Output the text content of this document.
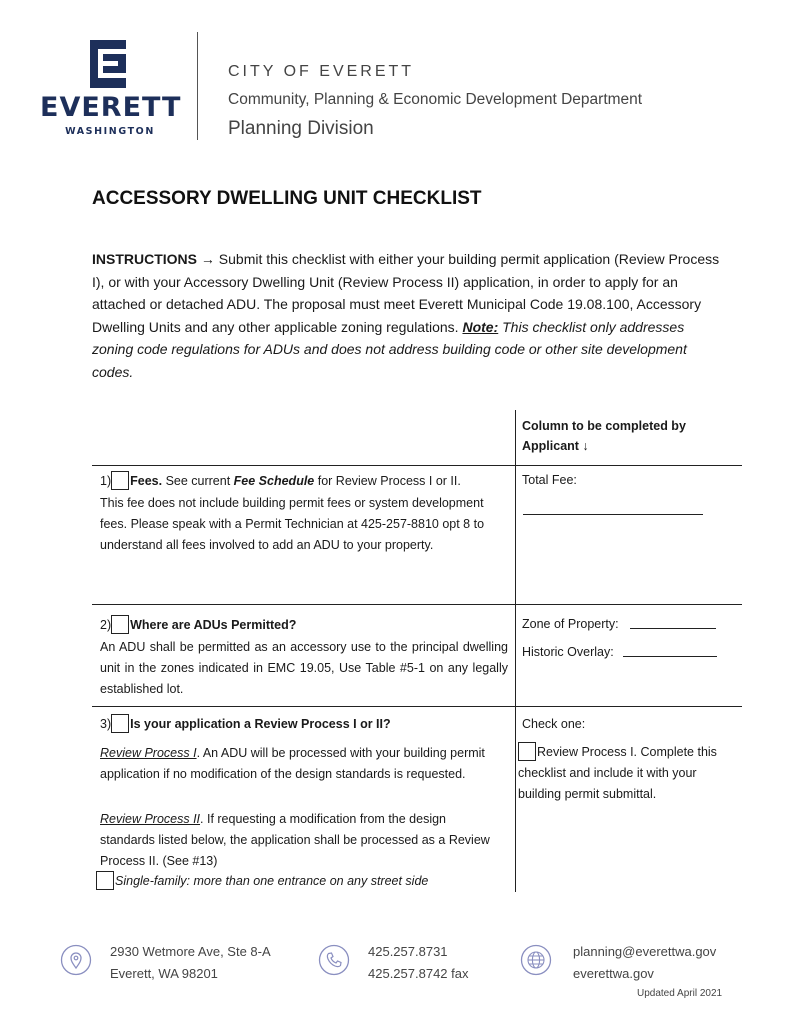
EVERETT
WASHINGTON
CITY OF EVERETT
Community, Planning & Economic Development Department
Planning Division
ACCESSORY DWELLING UNIT CHECKLIST
INSTRUCTIONS → Submit this checklist with either your building permit application (Review Process I), or with your Accessory Dwelling Unit (Review Process II) application, in order to apply for an attached or detached ADU. The proposal must meet Everett Municipal Code 19.08.100, Accessory Dwelling Units and any other applicable zoning regulations. Note: This checklist only addresses zoning code regulations for ADUs and does not address building code or other site development codes.
Column to be completed by Applicant ↓
1) Fees. See current Fee Schedule for Review Process I or II.
This fee does not include building permit fees or system development fees. Please speak with a Permit Technician at 425-257-8810 opt 8 to understand all fees involved to add an ADU to your property.
Total Fee:
2) Where are ADUs Permitted?
An ADU shall be permitted as an accessory use to the principal dwelling unit in the zones indicated in EMC 19.05, Use Table #5-1 on any legally established lot.
Zone of Property:
Historic Overlay:
3) Is your application a Review Process I or II?
Review Process I. An ADU will be processed with your building permit application if no modification of the design standards is requested.
Review Process II. If requesting a modification from the design standards listed below, the application shall be processed as a Review Process II. (See #13)
Single-family: more than one entrance on any street side
Check one:
Review Process I. Complete this checklist and include it with your building permit submittal.
2930 Wetmore Ave, Ste 8-A
Everett, WA 98201
425.257.8731
425.257.8742 fax
planning@everettwa.gov
everettwa.gov
Updated April 2021
